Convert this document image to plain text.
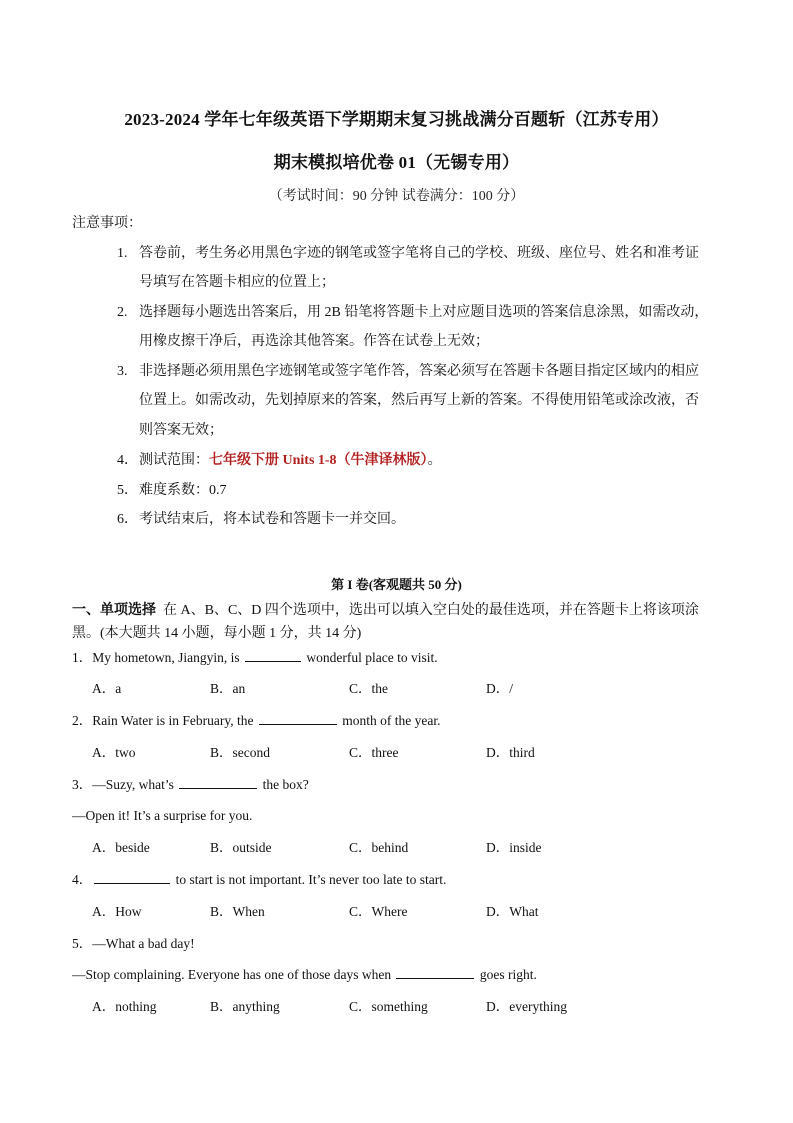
2023-2024 学年七年级英语下学期期末复习挑战满分百题斩（江苏专用）
期末模拟培优卷 01（无锡专用）
（考试时间：90 分钟 试卷满分：100 分）
注意事项：
1. 答卷前，考生务必用黑色字迹的钢笔或签字笔将自己的学校、班级、座位号、姓名和准考证
号填写在答题卡相应的位置上；
2. 选择题每小题选出答案后，用 2B 铅笔将答题卡上对应题目选项的答案信息涂黑，如需改动，
用橡皮擦干净后，再选涂其他答案。作答在试卷上无效；
3. 非选择题必须用黑色字迹钢笔或签字笔作答，答案必须写在答题卡各题目指定区域内的相应
位置上。如需改动，先划掉原来的答案，然后再写上新的答案。不得使用铅笔或涂改液，否
则答案无效；
4．测试范围：七年级下册 Units 1-8（牛津译林版）。
5．难度系数：0.7
6．考试结束后，将本试卷和答题卡一并交回。
第 I 卷(客观题共 50 分)
一、单项选择 在 A、B、C、D 四个选项中，选出可以填入空白处的最佳选项，并在答题卡上将该项涂
黑。(本大题共 14 小题，每小题 1 分，共 14 分)
1．My hometown, Jiangyin, is	wonderful place to visit.
A．a	B．an	C．the	D．/
2．Rain Water is in February, the	month of the year.
A．two	B．second	C．three	D．third
3．—Suzy, what’s	the box?
—Open it! It’s a surprise for you.
A．beside	B．outside	C．behind	D．inside
4．	to start is not important. It’s never too late to start.
A．How	B．When	C．Where	D．What
5．—What a bad day!
—Stop complaining. Everyone has one of those days when	goes right.
A．nothing	B．anything	C．something	D．everything
